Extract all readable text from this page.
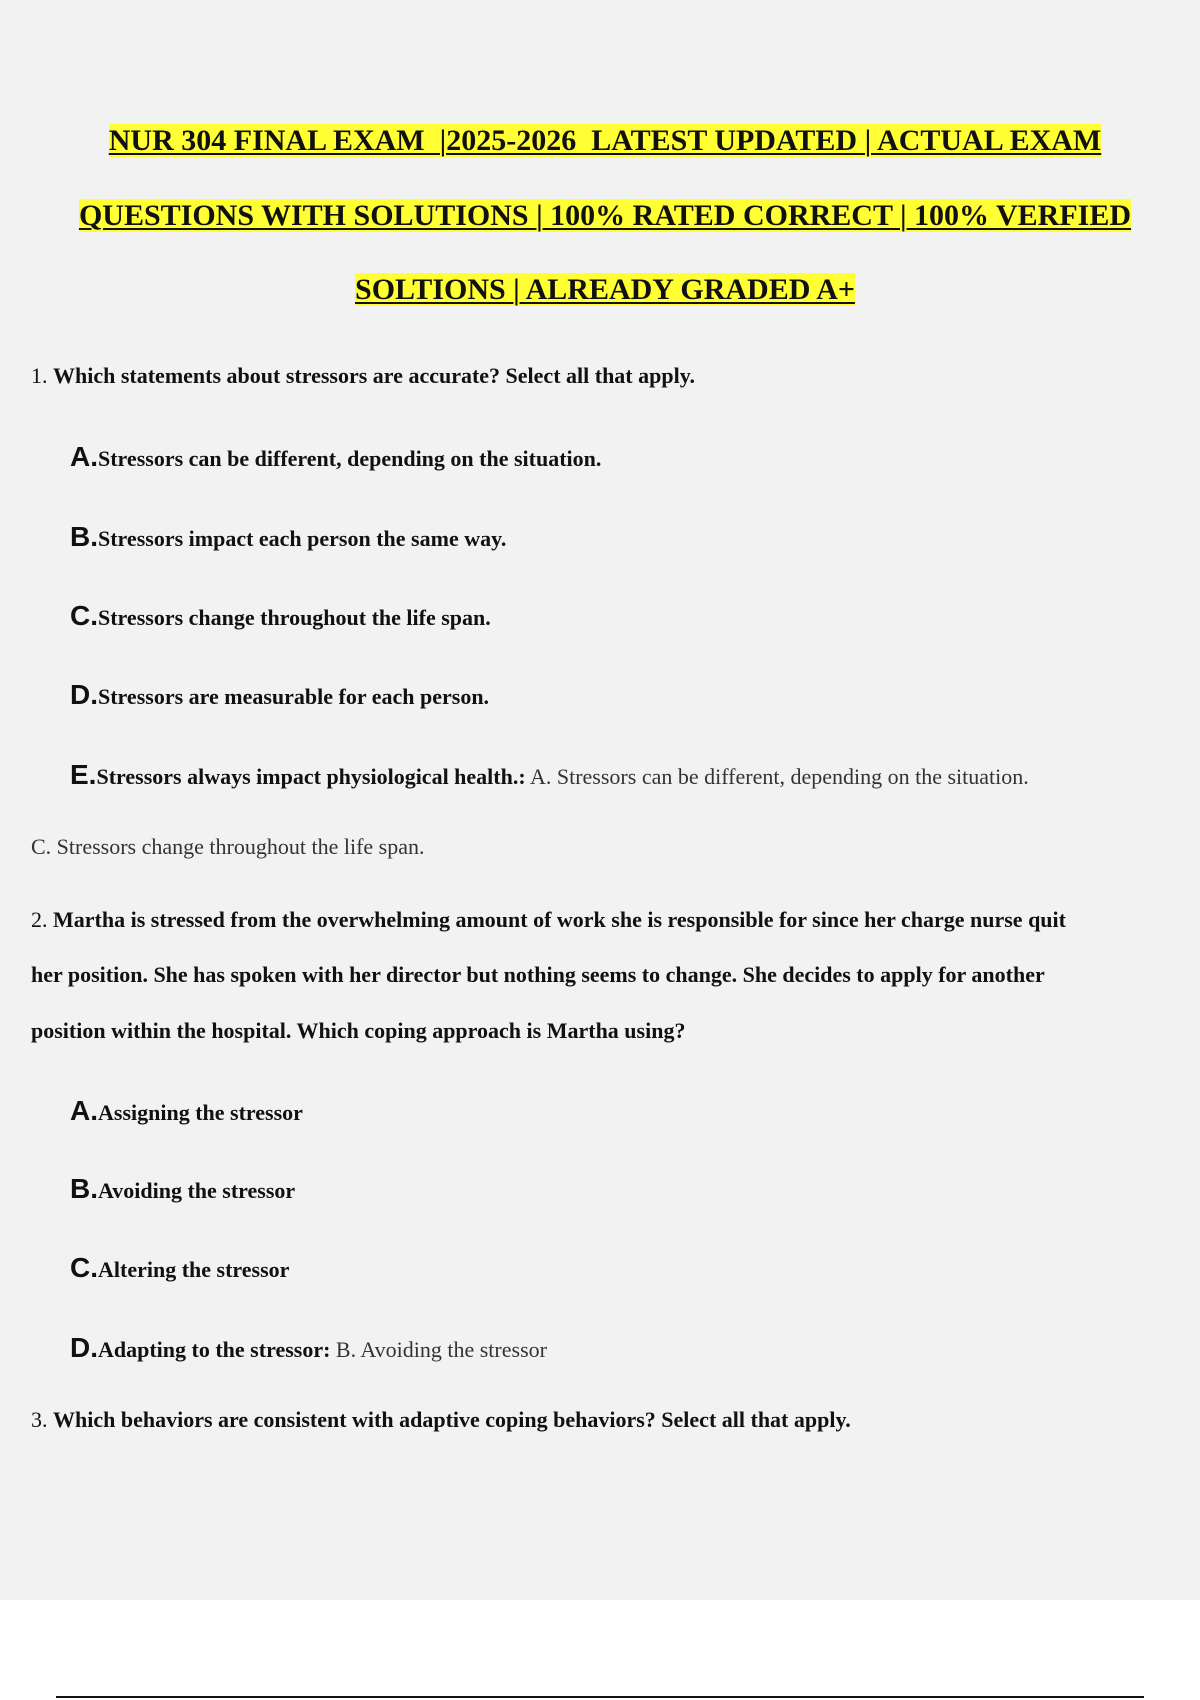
NUR 304 FINAL EXAM  |2025-2026  LATEST UPDATED | ACTUAL EXAM
QUESTIONS WITH SOLUTIONS | 100% RATED CORRECT | 100% VERFIED
SOLTIONS | ALREADY GRADED A+
1. Which statements about stressors are accurate? Select all that apply.
A.Stressors can be different, depending on the situation.
B.Stressors impact each person the same way.
C.Stressors change throughout the life span.
D.Stressors are measurable for each person.
E.Stressors always impact physiological health.: A. Stressors can be different, depending on the situation.
C. Stressors change throughout the life span.
2. Martha is stressed from the overwhelming amount of work she is responsible for since her charge nurse quit
her position. She has spoken with her director but nothing seems to change. She decides to apply for another
position within the hospital. Which coping approach is Martha using?
A.Assigning the stressor
B.Avoiding the stressor
C.Altering the stressor
D.Adapting to the stressor: B. Avoiding the stressor
3. Which behaviors are consistent with adaptive coping behaviors? Select all that apply.
